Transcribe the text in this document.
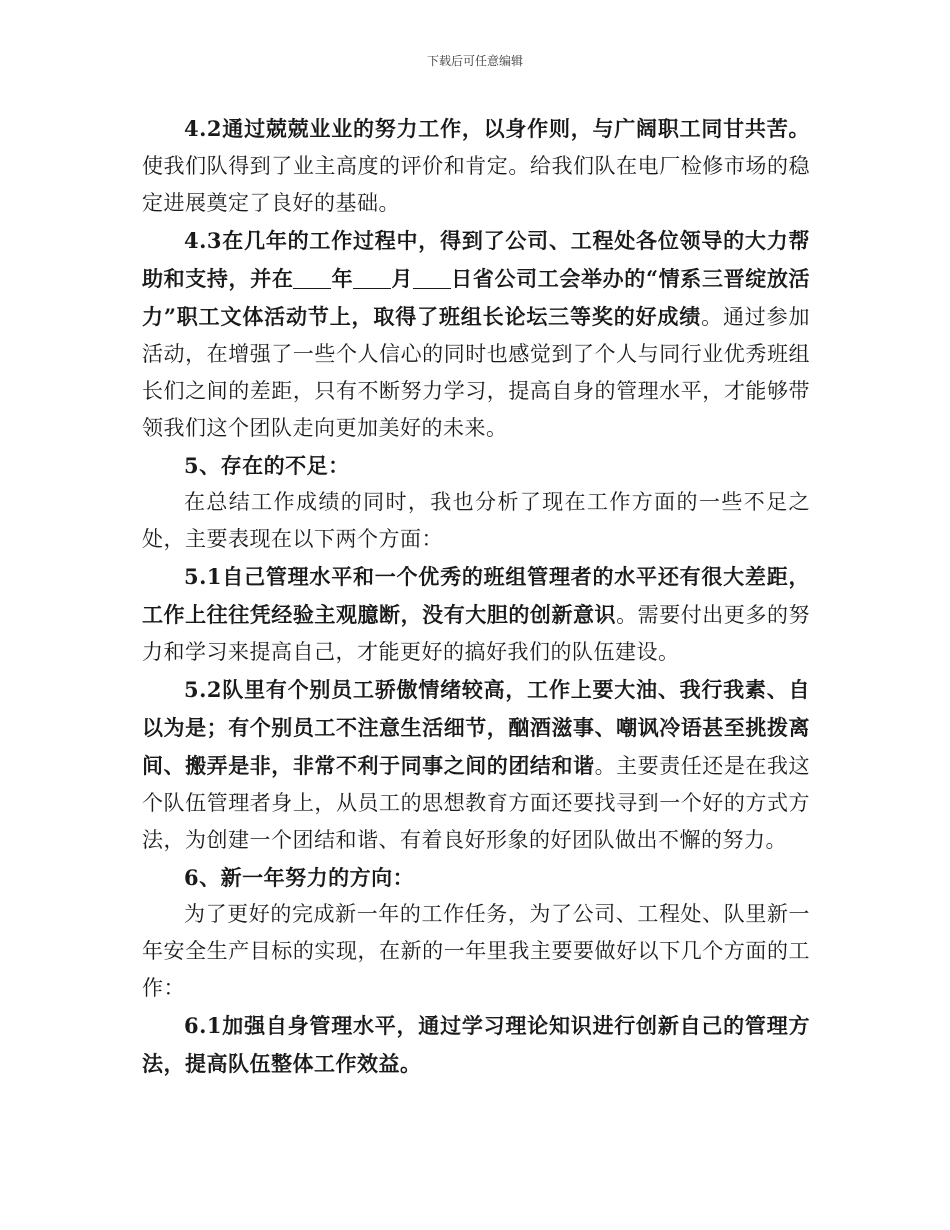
下载后可任意编辑

4.2通过兢兢业业的努力工作，以身作则，与广阔职工同甘共苦。使我们队得到了业主高度的评价和肯定。给我们队在电厂检修市场的稳定进展奠定了良好的基础。

4.3在几年的工作过程中，得到了公司、工程处各位领导的大力帮助和支持，并在 年 月 日省公司工会举办的“情系三晋绽放活力”职工文体活动节上，取得了班组长论坛三等奖的好成绩。通过参加活动，在增强了一些个人信心的同时也感觉到了个人与同行业优秀班组长们之间的差距，只有不断努力学习，提高自身的管理水平，才能够带领我们这个团队走向更加美好的未来。

5、存在的不足：

在总结工作成绩的同时，我也分析了现在工作方面的一些不足之处，主要表现在以下两个方面：

5.1自己管理水平和一个优秀的班组管理者的水平还有很大差距，工作上往往凭经验主观臆断，没有大胆的创新意识。需要付出更多的努力和学习来提高自己，才能更好的搞好我们的队伍建设。

5.2队里有个别员工骄傲情绪较高，工作上要大油、我行我素、自以为是；有个别员工不注意生活细节，酗酒滋事、嘲讽冷语甚至挑拨离间、搬弄是非，非常不利于同事之间的团结和谐。主要责任还是在我这个队伍管理者身上，从员工的思想教育方面还要找寻到一个好的方式方法，为创建一个团结和谐、有着良好形象的好团队做出不懈的努力。

6、新一年努力的方向：

为了更好的完成新一年的工作任务，为了公司、工程处、队里新一年安全生产目标的实现，在新的一年里我主要要做好以下几个方面的工作：

6.1加强自身管理水平，通过学习理论知识进行创新自己的管理方法，提高队伍整体工作效益。
